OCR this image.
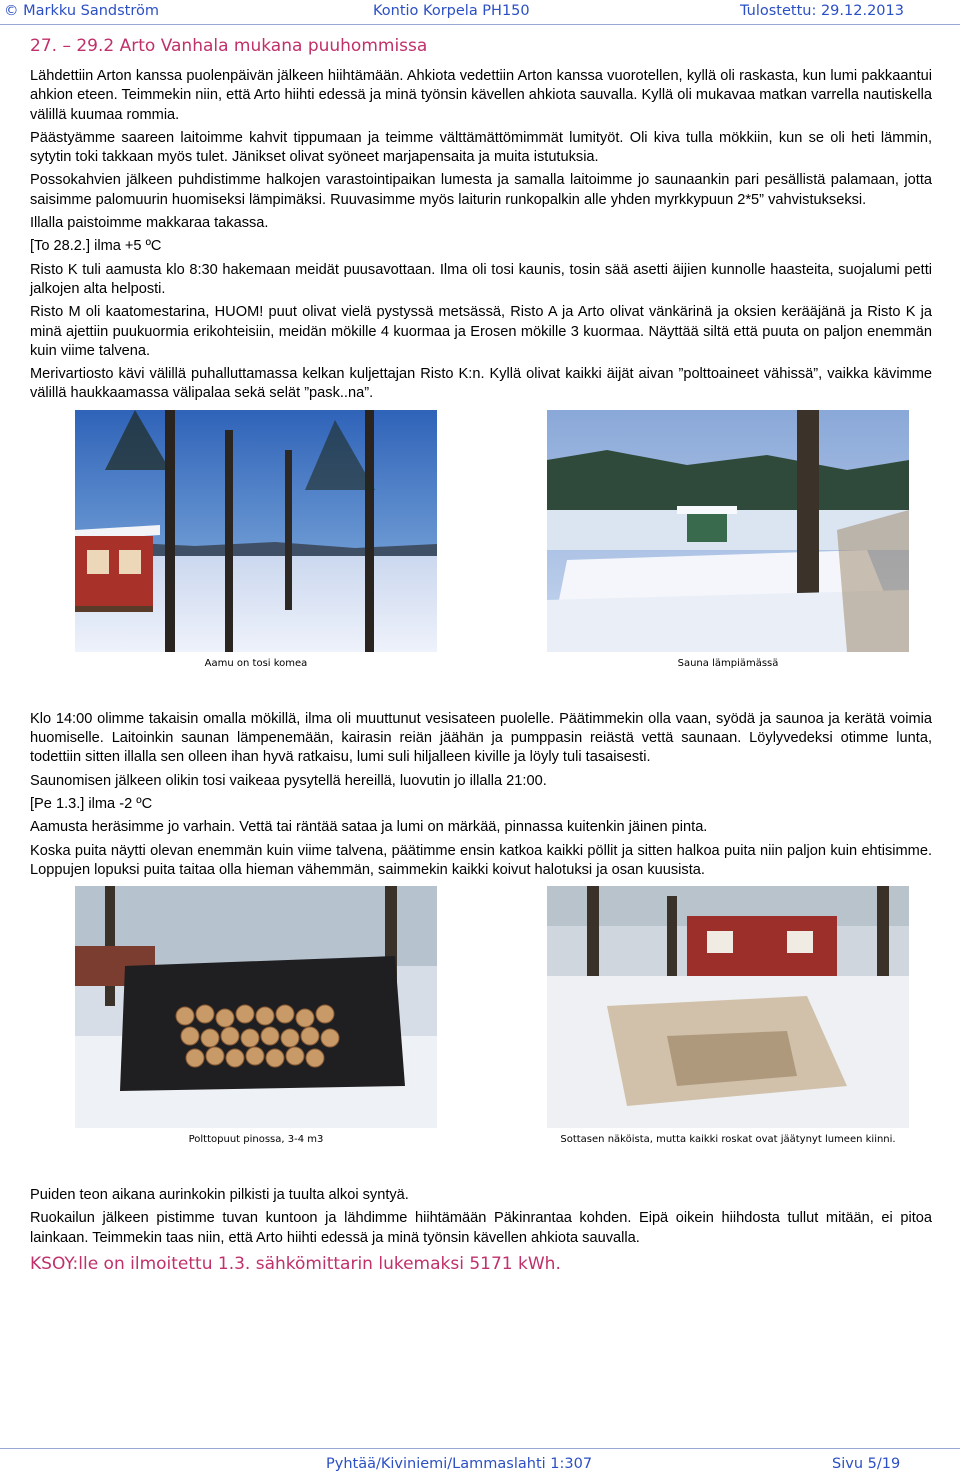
© Markku Sandström	Kontio Korpela PH150	Tulostettu: 29.12.2013
27. – 29.2 Arto Vanhala mukana puuhommissa

Lähdettiin Arton kanssa puolenpäivän jälkeen hiihtämään. Ahkiota vedettiin Arton kanssa vuorotellen, kyllä oli raskasta, kun lumi pakkaantui ahkion eteen. Teimmekin niin, että Arto hiihti edessä ja minä työnsin kävellen ahkiota sauvalla. Kyllä oli mukavaa matkan varrella nautiskella välillä kuumaa rommia.

Päästyämme saareen laitoimme kahvit tippumaan ja teimme välttämättömimmät lumityöt. Oli kiva tulla mökkiin, kun se oli heti lämmin, sytytin toki takkaan myös tulet. Jänikset olivat syöneet marjapensaita ja muita istutuksia.

Possokahvien jälkeen puhdistimme halkojen varastointipaikan lumesta ja samalla laitoimme jo saunaankin pari pesällistä palamaan, jotta saisimme palomuurin huomiseksi lämpimäksi. Ruuvasimme myös laiturin runkopalkin alle yhden myrkkypuun 2*5” vahvistukseksi.

Illalla paistoimme makkaraa takassa.

[To 28.2.] ilma +5 ºC

Risto K tuli aamusta klo 8:30 hakemaan meidät puusavottaan. Ilma oli tosi kaunis, tosin sää asetti äijien kunnolle haasteita, suojalumi petti jalkojen alta helposti.

Risto M oli kaatomestarina, HUOM! puut olivat vielä pystyssä metsässä, Risto A ja Arto olivat vänkärinä ja oksien kerääjänä ja Risto K ja minä ajettiin puukuormia erikohteisiin, meidän mökille 4 kuormaa ja Erosen mökille 3 kuormaa. Näyttää siltä että puuta on paljon enemmän kuin viime talvena.

Merivartiosto kävi välillä puhalluttamassa kelkan kuljettajan Risto K:n. Kyllä olivat kaikki äijät aivan ”polttoaineet vähissä”, vaikka kävimme välillä haukkaamassa välipalaa sekä selät ”pask..na”.

Aamu on tosi komea	Sauna lämpiämässä

Klo 14:00 olimme takaisin omalla mökillä, ilma oli muuttunut vesisateen puolelle. Päätimmekin olla vaan, syödä ja saunoa ja kerätä voimia huomiselle. Laitoinkin saunan lämpenemään, kairasin reiän jäähän ja pumppasin reiästä vettä saunaan. Löylyvedeksi otimme lunta, todettiin sitten illalla sen olleen ihan hyvä ratkaisu, lumi suli hiljalleen kiville ja löyly tuli tasaisesti.

Saunomisen jälkeen olikin tosi vaikeaa pysytellä hereillä, luovutin jo illalla 21:00.

[Pe 1.3.] ilma -2 ºC

Aamusta heräsimme jo varhain. Vettä tai räntää sataa ja lumi on märkää, pinnassa kuitenkin jäinen pinta.

Koska puita näytti olevan enemmän kuin viime talvena, päätimme ensin katkoa kaikki pöllit ja sitten halkoa puita niin paljon kuin ehtisimme. Loppujen lopuksi puita taitaa olla hieman vähemmän, saimmekin kaikki koivut halotuksi ja osan kuusista.

Polttopuut pinossa, 3-4 m3	Sottasen näköista, mutta kaikki roskat ovat jäätynyt lumeen kiinni.

Puiden teon aikana aurinkokin pilkisti ja tuulta alkoi syntyä.

Ruokailun jälkeen pistimme tuvan kuntoon ja lähdimme hiihtämään Päkinrantaa kohden. Eipä oikein hiihdosta tullut mitään, ei pitoa lainkaan. Teimmekin taas niin, että Arto hiihti edessä ja minä työnsin kävellen ahkiota sauvalla.

KSOY:lle on ilmoitettu 1.3. sähkömittarin lukemaksi 5171 kWh.
Pyhtää/Kiviniemi/Lammaslahti 1:307	Sivu 5/19
